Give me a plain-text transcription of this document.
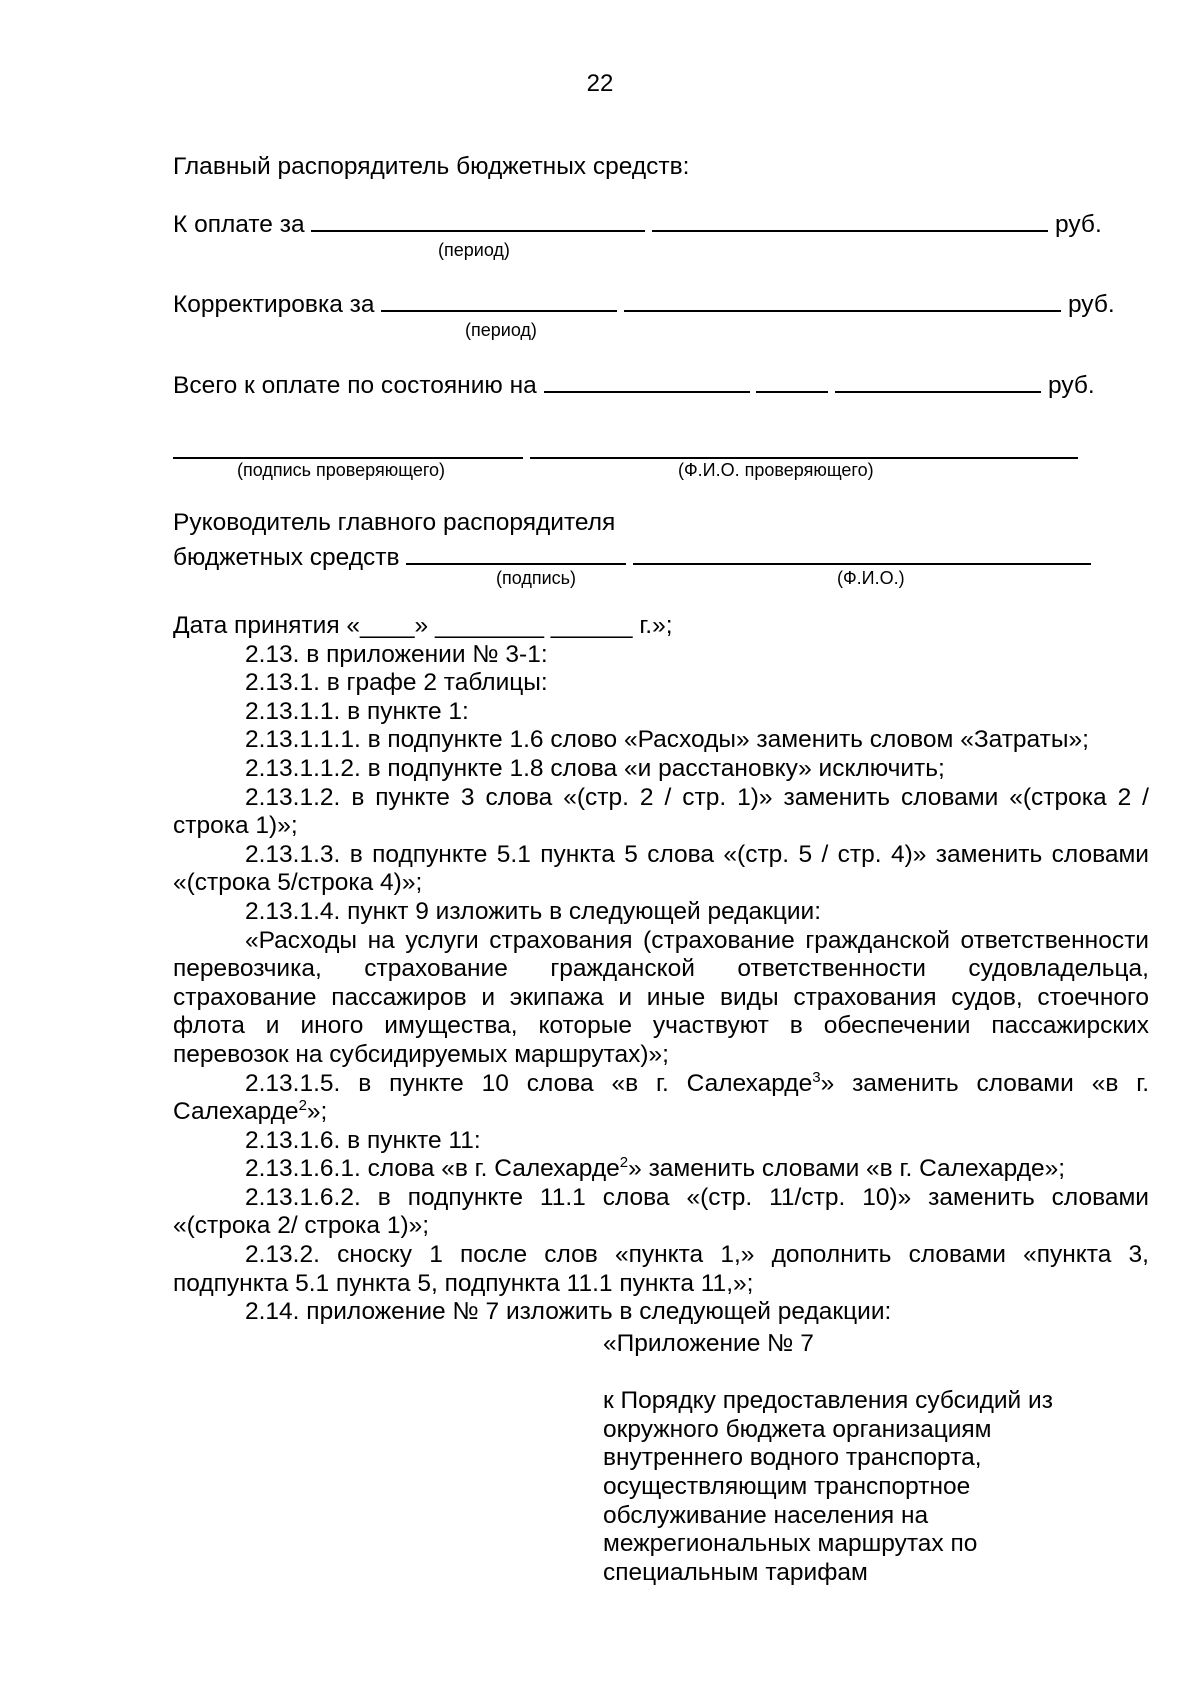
22
Главный распорядитель бюджетных средств:
К оплате за	руб.
(период)
Корректировка за	руб.
(период)
Всего к оплате по состоянию на	руб.

(подпись проверяющего)	(Ф.И.О. проверяющего)
Руководитель главного распорядителя
бюджетных средств
(подпись)	(Ф.И.О.)

Дата принятия «____» ________ ______ г.»;

2.13. в приложении № 3-1:

2.13.1. в графе 2 таблицы:

2.13.1.1. в пункте 1:

2.13.1.1.1. в подпункте 1.6 слово «Расходы» заменить словом «Затраты»;

2.13.1.1.2. в подпункте 1.8 слова «и расстановку» исключить;

2.13.1.2. в пункте 3 слова «(стр. 2 / стр. 1)» заменить словами «(строка 2 / строка 1)»;

2.13.1.3. в подпункте 5.1 пункта 5 слова «(стр. 5 / стр. 4)» заменить словами «(строка 5/строка 4)»;

2.13.1.4. пункт 9 изложить в следующей редакции:

«Расходы на услуги страхования (страхование гражданской ответственности перевозчика, страхование гражданской ответственности судовладельца, страхование пассажиров и экипажа и иные виды страхования судов, стоечного флота и иного имущества, которые участвуют в обеспечении пассажирских перевозок на субсидируемых маршрутах)»;

2.13.1.5. в пункте 10 слова «в г. Салехарде$^3$» заменить словами «в г. Салехарде$^2$»;

2.13.1.6. в пункте 11:

2.13.1.6.1. слова «в г. Салехарде$^2$» заменить словами «в г. Салехарде»;

2.13.1.6.2. в подпункте 11.1 слова «(стр. 11/стр. 10)» заменить словами «(строка 2/ строка 1)»;

2.13.2. сноску 1 после слов «пункта 1,» дополнить словами «пункта 3, подпункта 5.1 пункта 5, подпункта 11.1 пункта 11,»;

2.14. приложение № 7 изложить в следующей редакции:

«Приложение № 7

к Порядку предоставления субсидий из

окружного бюджета организациям

внутреннего водного транспорта,

осуществляющим транспортное

обслуживание населения на

межрегиональных маршрутах по

специальным тарифам
